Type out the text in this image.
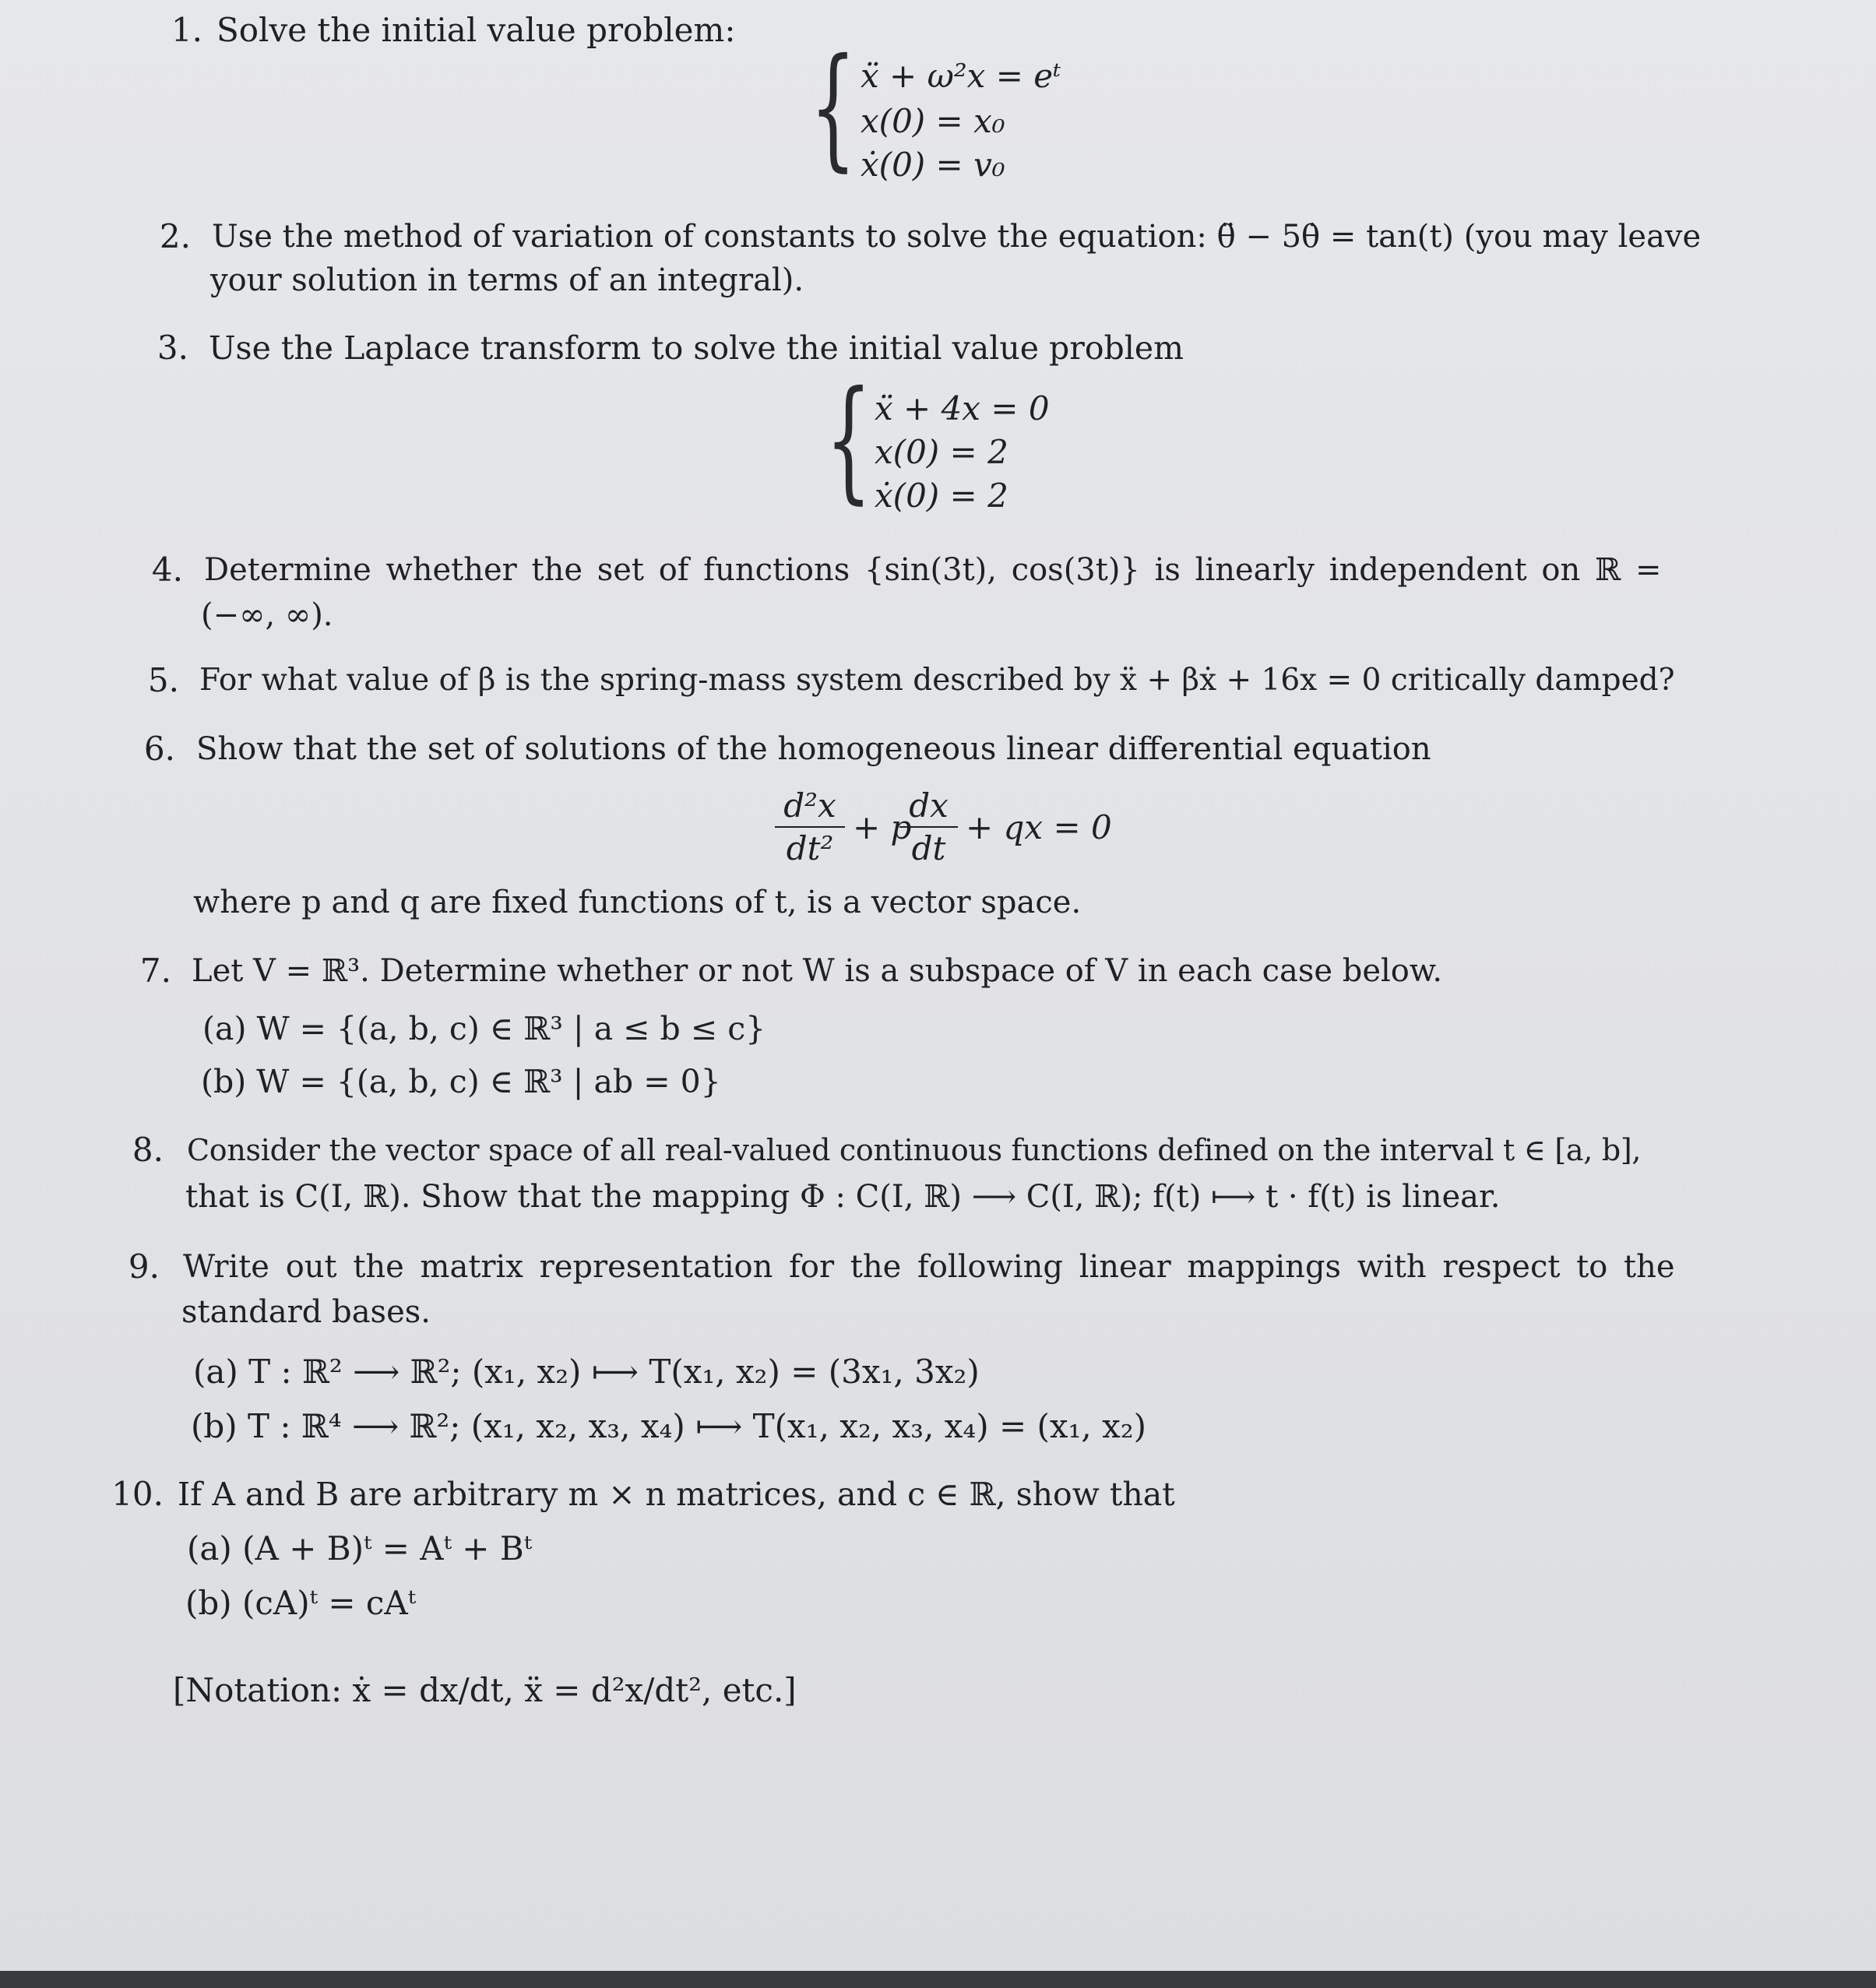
1. Solve the initial value problem:
{ ẍ + ω²x = eᵗ
x(0) = x₀
ẋ(0) = v₀
2. Use the method of variation of constants to solve the equation: θ̈ − 5θ̇ = tan(t) (you may leave
your solution in terms of an integral).
3. Use the Laplace transform to solve the initial value problem
{ ẍ + 4x = 0
x(0) = 2
ẋ(0) = 2
4. Determine whether the set of functions {sin(3t), cos(3t)} is linearly independent on ℝ =
(−∞, ∞).
5. For what value of β is the spring-mass system described by ẍ + βẋ + 16x = 0 critically damped?
6. Show that the set of solutions of the homogeneous linear differential equation
d²x
dt²
+ p
dx
dt
+ qx = 0
where p and q are fixed functions of t, is a vector space.
7. Let V = ℝ³. Determine whether or not W is a subspace of V in each case below.
(a) W = {(a, b, c) ∈ ℝ³ | a ≤ b ≤ c}
(b) W = {(a, b, c) ∈ ℝ³ | ab = 0}
8. Consider the vector space of all real-valued continuous functions defined on the interval t ∈ [a, b],
that is C(I, ℝ). Show that the mapping Φ : C(I, ℝ) ⟶ C(I, ℝ); f(t) ⟼ t · f(t) is linear.
9. Write out the matrix representation for the following linear mappings with respect to the
standard bases.
(a) T : ℝ² ⟶ ℝ²; (x₁, x₂) ⟼ T(x₁, x₂) = (3x₁, 3x₂)
(b) T : ℝ⁴ ⟶ ℝ²; (x₁, x₂, x₃, x₄) ⟼ T(x₁, x₂, x₃, x₄) = (x₁, x₂)
10. If A and B are arbitrary m × n matrices, and c ∈ ℝ, show that
(a) (A + B)ᵗ = Aᵗ + Bᵗ
(b) (cA)ᵗ = cAᵗ
[Notation: ẋ = dx/dt, ẍ = d²x/dt², etc.]
